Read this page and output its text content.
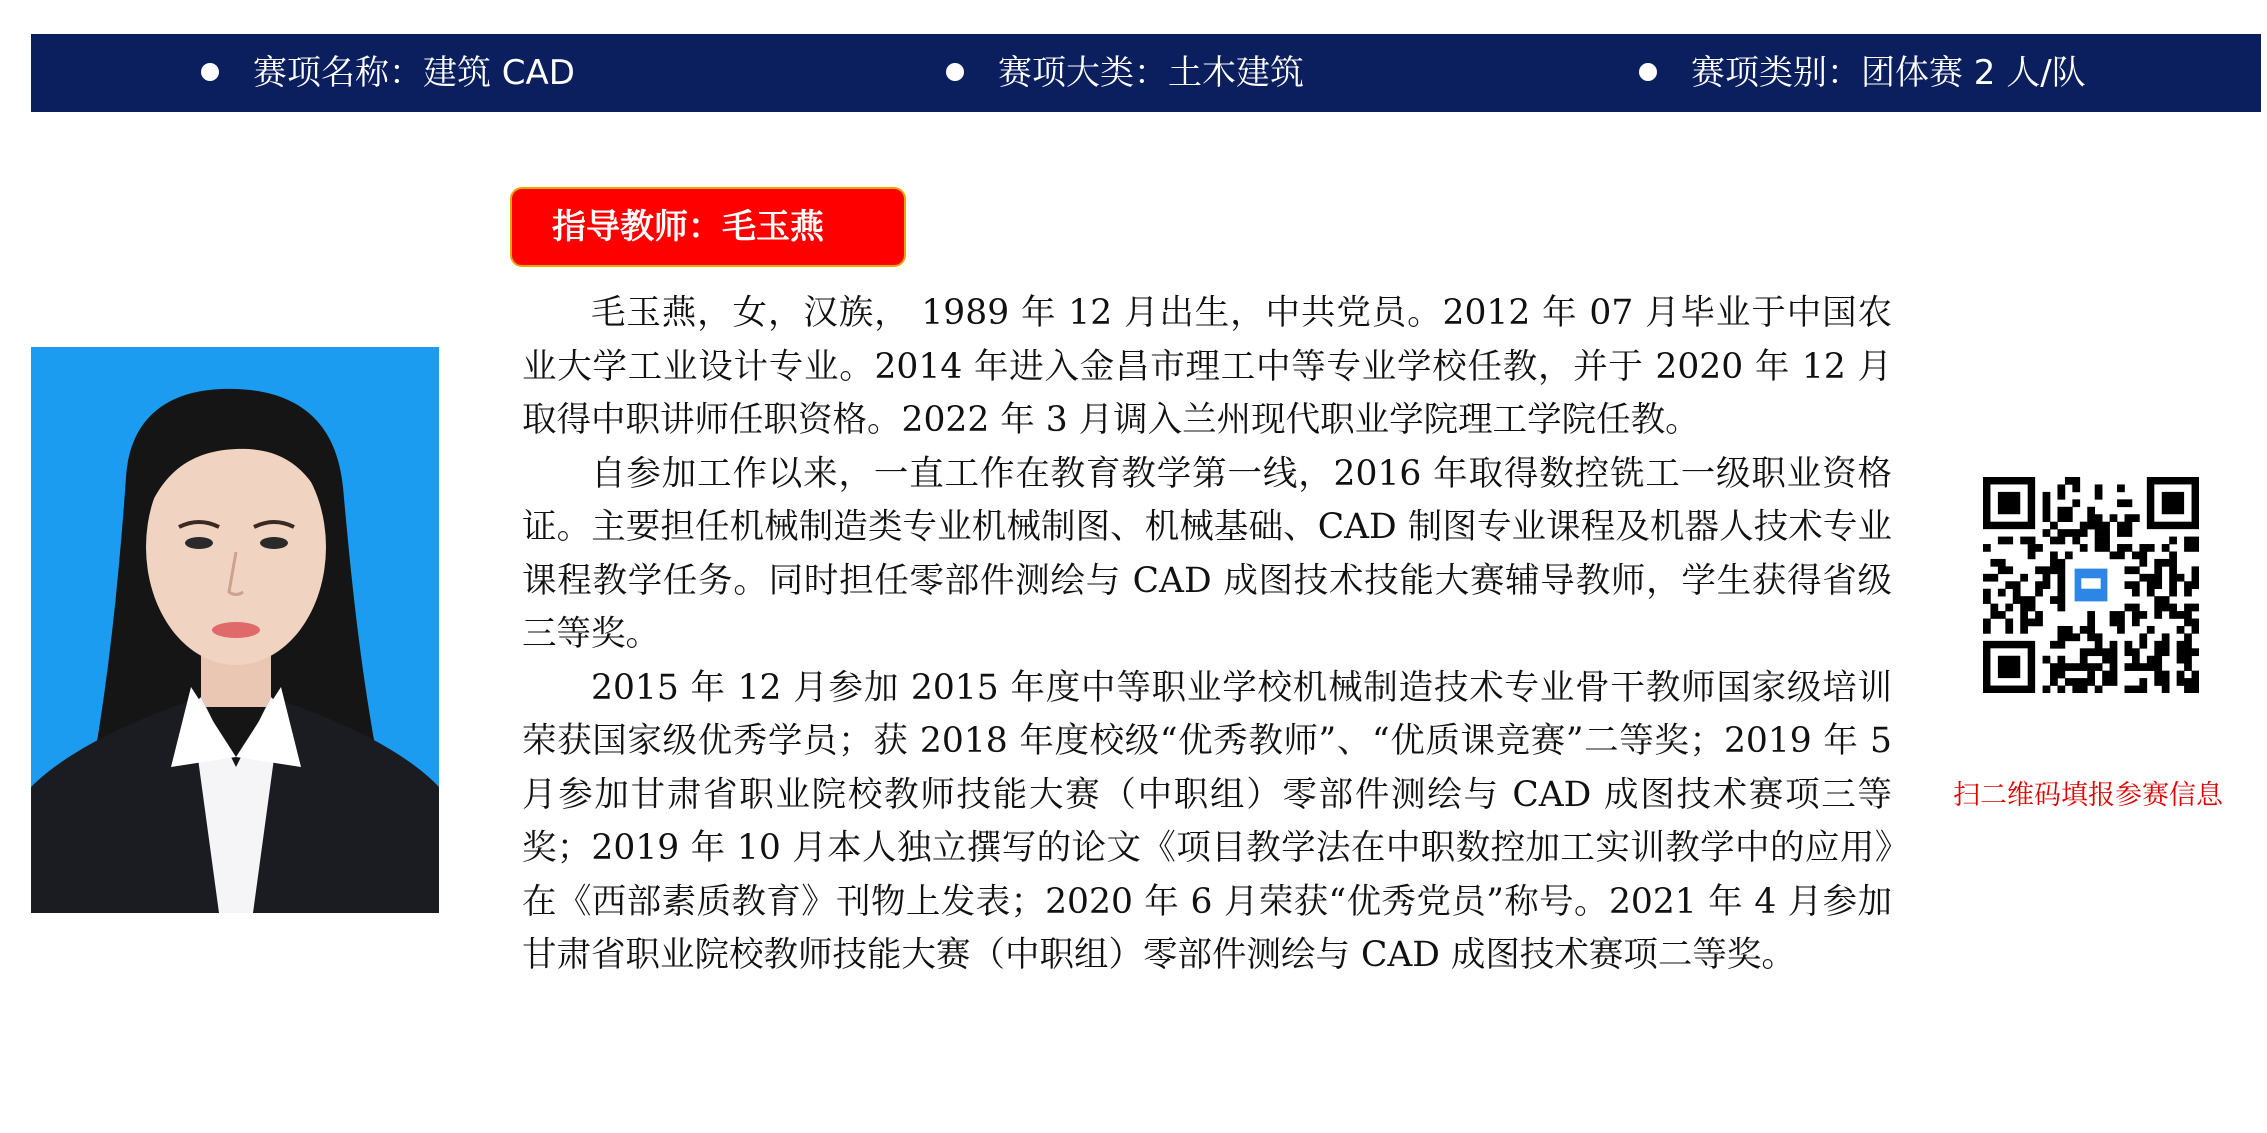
赛项名称：建筑 CAD	赛项大类：土木建筑	赛项类别：团体赛 2 人/队
指导教师：毛玉燕

毛玉燕，女，汉族， 1989 年 12 月出生，中共党员。2012 年 07 月毕业于中国农业大学工业设计专业。2014 年进入金昌市理工中等专业学校任教，并于 2020 年 12 月取得中职讲师任职资格。2022 年 3 月调入兰州现代职业学院理工学院任教。

自参加工作以来，一直工作在教育教学第一线，2016 年取得数控铣工一级职业资格证。主要担任机械制造类专业机械制图、机械基础、CAD 制图专业课程及机器人技术专业课程教学任务。同时担任零部件测绘与 CAD 成图技术技能大赛辅导教师，学生获得省级三等奖。

2015 年 12 月参加 2015 年度中等职业学校机械制造技术专业骨干教师国家级培训荣获国家级优秀学员；获 2018 年度校级“优秀教师”、“优质课竞赛”二等奖；2019 年 5 月参加甘肃省职业院校教师技能大赛（中职组）零部件测绘与 CAD 成图技术赛项三等奖；2019 年 10 月本人独立撰写的论文《项目教学法在中职数控加工实训教学中的应用》在《西部素质教育》刊物上发表；2020 年 6 月荣获“优秀党员”称号。2021 年 4 月参加甘肃省职业院校教师技能大赛（中职组）零部件测绘与 CAD 成图技术赛项二等奖。

扫二维码填报参赛信息
